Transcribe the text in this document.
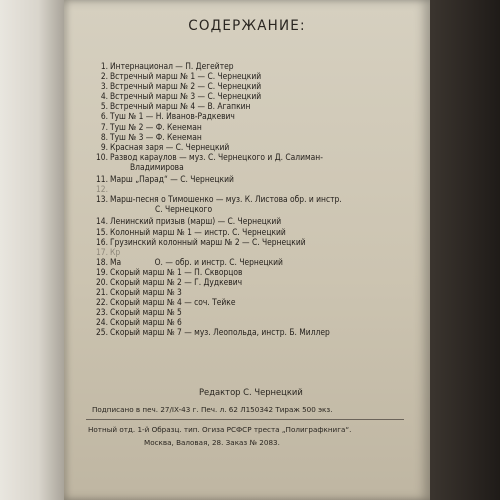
СОДЕРЖАНИЕ:
1. Интернационал — П. Дегейтер
2. Встречный марш № 1 — С. Чернецкий
3. Встречный марш № 2 — С. Чернецкий
4. Встречный марш № 3 — С. Чернецкий
5. Встречный марш № 4 — В. Агапкин
6. Туш № 1 — Н. Иванов-Радкевич
7. Туш № 2 — Ф. Кенеман
8. Туш № 3 — Ф. Кенеман
9. Красная заря — С. Чернецкий
10. Развод караулов — муз. С. Чернецкого и Д. Салиман-
Владимирова
11. Марш „Парад“ — С. Чернецкий
12.
13. Марш-песня о Тимошенко — муз. К. Листова обр. и инстр.
С. Чернецкого
14. Ленинский призыв (марш) — С. Чернецкий
15. Колонный марш № 1 — инстр. С. Чернецкий
16. Грузинский колонный марш № 2 — С. Чернецкий
17. Кр
18. Ма              О. — обр. и инстр. С. Чернецкий
19. Скорый марш № 1 — П. Скворцов
20. Скорый марш № 2 — Г. Дудкевич
21. Скорый марш № 3
22. Скорый марш № 4 — соч. Тейке
23. Скорый марш № 5
24. Скорый марш № 6
25. Скорый марш № 7 — муз. Леопольда, инстр. Б. Миллер
Редактор С. Чернецкий
Подписано в печ. 27/IX-43 г. Печ. л. 62 Л150342 Тираж 500 экз.
Нотный отд. 1-й Образц. тип. Огиза РСФСР треста „Полиграфкнига“.
Москва, Валовая, 28. Заказ № 2083.
